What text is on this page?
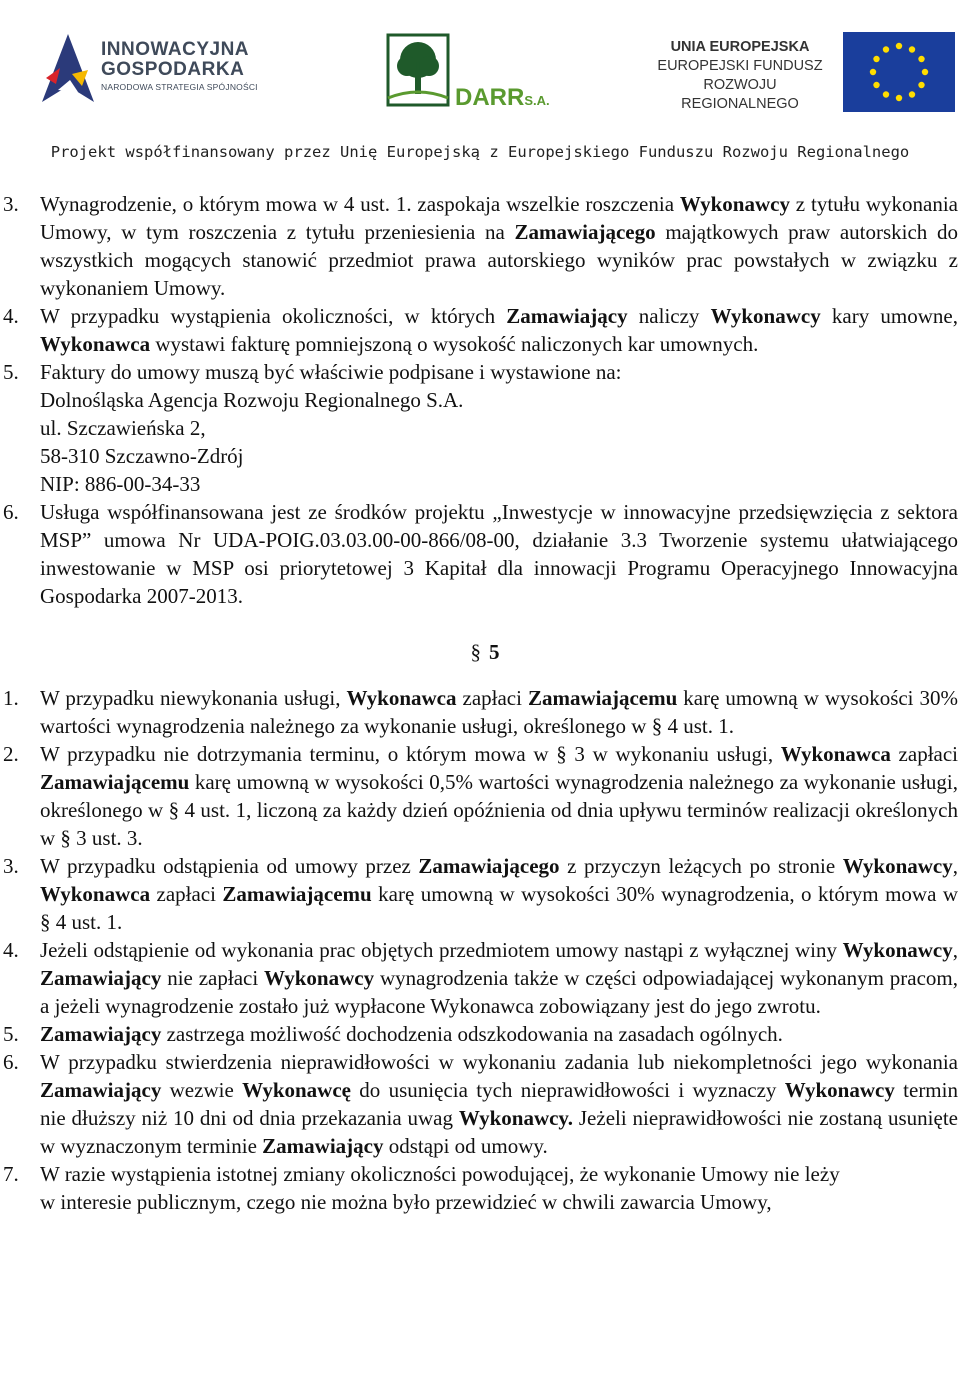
INNOWACYJNA
GOSPODARKA
NARODOWA STRATEGIA SPÓJNOŚCI	DARRS.A.
UNIA EUROPEJSKA
EUROPEJSKI FUNDUSZ
ROZWOJU REGIONALNEGO
Projekt współfinansowany przez Unię Europejską z Europejskiego Funduszu Rozwoju Regionalnego
3. Wynagrodzenie, o którym mowa w 4 ust. 1. zaspokaja wszelkie roszczenia Wykonawcy z tytułu wykonania Umowy, w tym roszczenia z tytułu przeniesienia na Zamawiającego majątkowych praw autorskich do wszystkich mogących stanowić przedmiot prawa autorskiego wyników prac powstałych w związku z wykonaniem Umowy.
4. W przypadku wystąpienia okoliczności, w których Zamawiający naliczy Wykonawcy kary umowne, Wykonawca wystawi fakturę pomniejszoną o wysokość naliczonych kar umownych.
5. Faktury do umowy muszą być właściwie podpisane i wystawione na:
Dolnośląska Agencja Rozwoju Regionalnego S.A.
ul. Szczawieńska 2,
58-310 Szczawno-Zdrój
NIP: 886-00-34-33
6. Usługa współfinansowana jest ze środków projektu „Inwestycje w innowacyjne przedsięwzięcia z sektora MSP” umowa Nr UDA-POIG.03.03.00-00-866/08-00, działanie 3.3 Tworzenie systemu ułatwiającego inwestowanie w MSP osi priorytetowej 3 Kapitał dla innowacji Programu Operacyjnego Innowacyjna Gospodarka 2007-2013.
§ 5
1. W przypadku niewykonania usługi, Wykonawca zapłaci Zamawiającemu karę umowną w wysokości 30% wartości wynagrodzenia należnego za wykonanie usługi, określonego w § 4 ust. 1.
2. W przypadku nie dotrzymania terminu, o którym mowa w § 3 w wykonaniu usługi, Wykonawca zapłaci Zamawiającemu karę umowną w wysokości 0,5% wartości wynagrodzenia należnego za wykonanie usługi, określonego w § 4 ust. 1, liczoną za każdy dzień opóźnienia od dnia upływu terminów realizacji określonych w § 3 ust. 3.
3. W przypadku odstąpienia od umowy przez Zamawiającego z przyczyn leżących po stronie Wykonawcy, Wykonawca zapłaci Zamawiającemu karę umowną w wysokości 30% wynagrodzenia, o którym mowa w § 4 ust. 1.
4. Jeżeli odstąpienie od wykonania prac objętych przedmiotem umowy nastąpi z wyłącznej winy Wykonawcy, Zamawiający nie zapłaci Wykonawcy wynagrodzenia także w części odpowiadającej wykonanym pracom, a jeżeli wynagrodzenie zostało już wypłacone Wykonawca zobowiązany jest do jego zwrotu.
5. Zamawiający zastrzega możliwość dochodzenia odszkodowania na zasadach ogólnych.
6. W przypadku stwierdzenia nieprawidłowości w wykonaniu zadania lub niekompletności jego wykonania Zamawiający wezwie Wykonawcę do usunięcia tych nieprawidłowości i wyznaczy Wykonawcy termin nie dłuższy niż 10 dni od dnia przekazania uwag Wykonawcy. Jeżeli nieprawidłowości nie zostaną usunięte w wyznaczonym terminie Zamawiający odstąpi od umowy.
7. W razie wystąpienia istotnej zmiany okoliczności powodującej, że wykonanie Umowy nie leży
w interesie publicznym, czego nie można było przewidzieć w chwili zawarcia Umowy,
